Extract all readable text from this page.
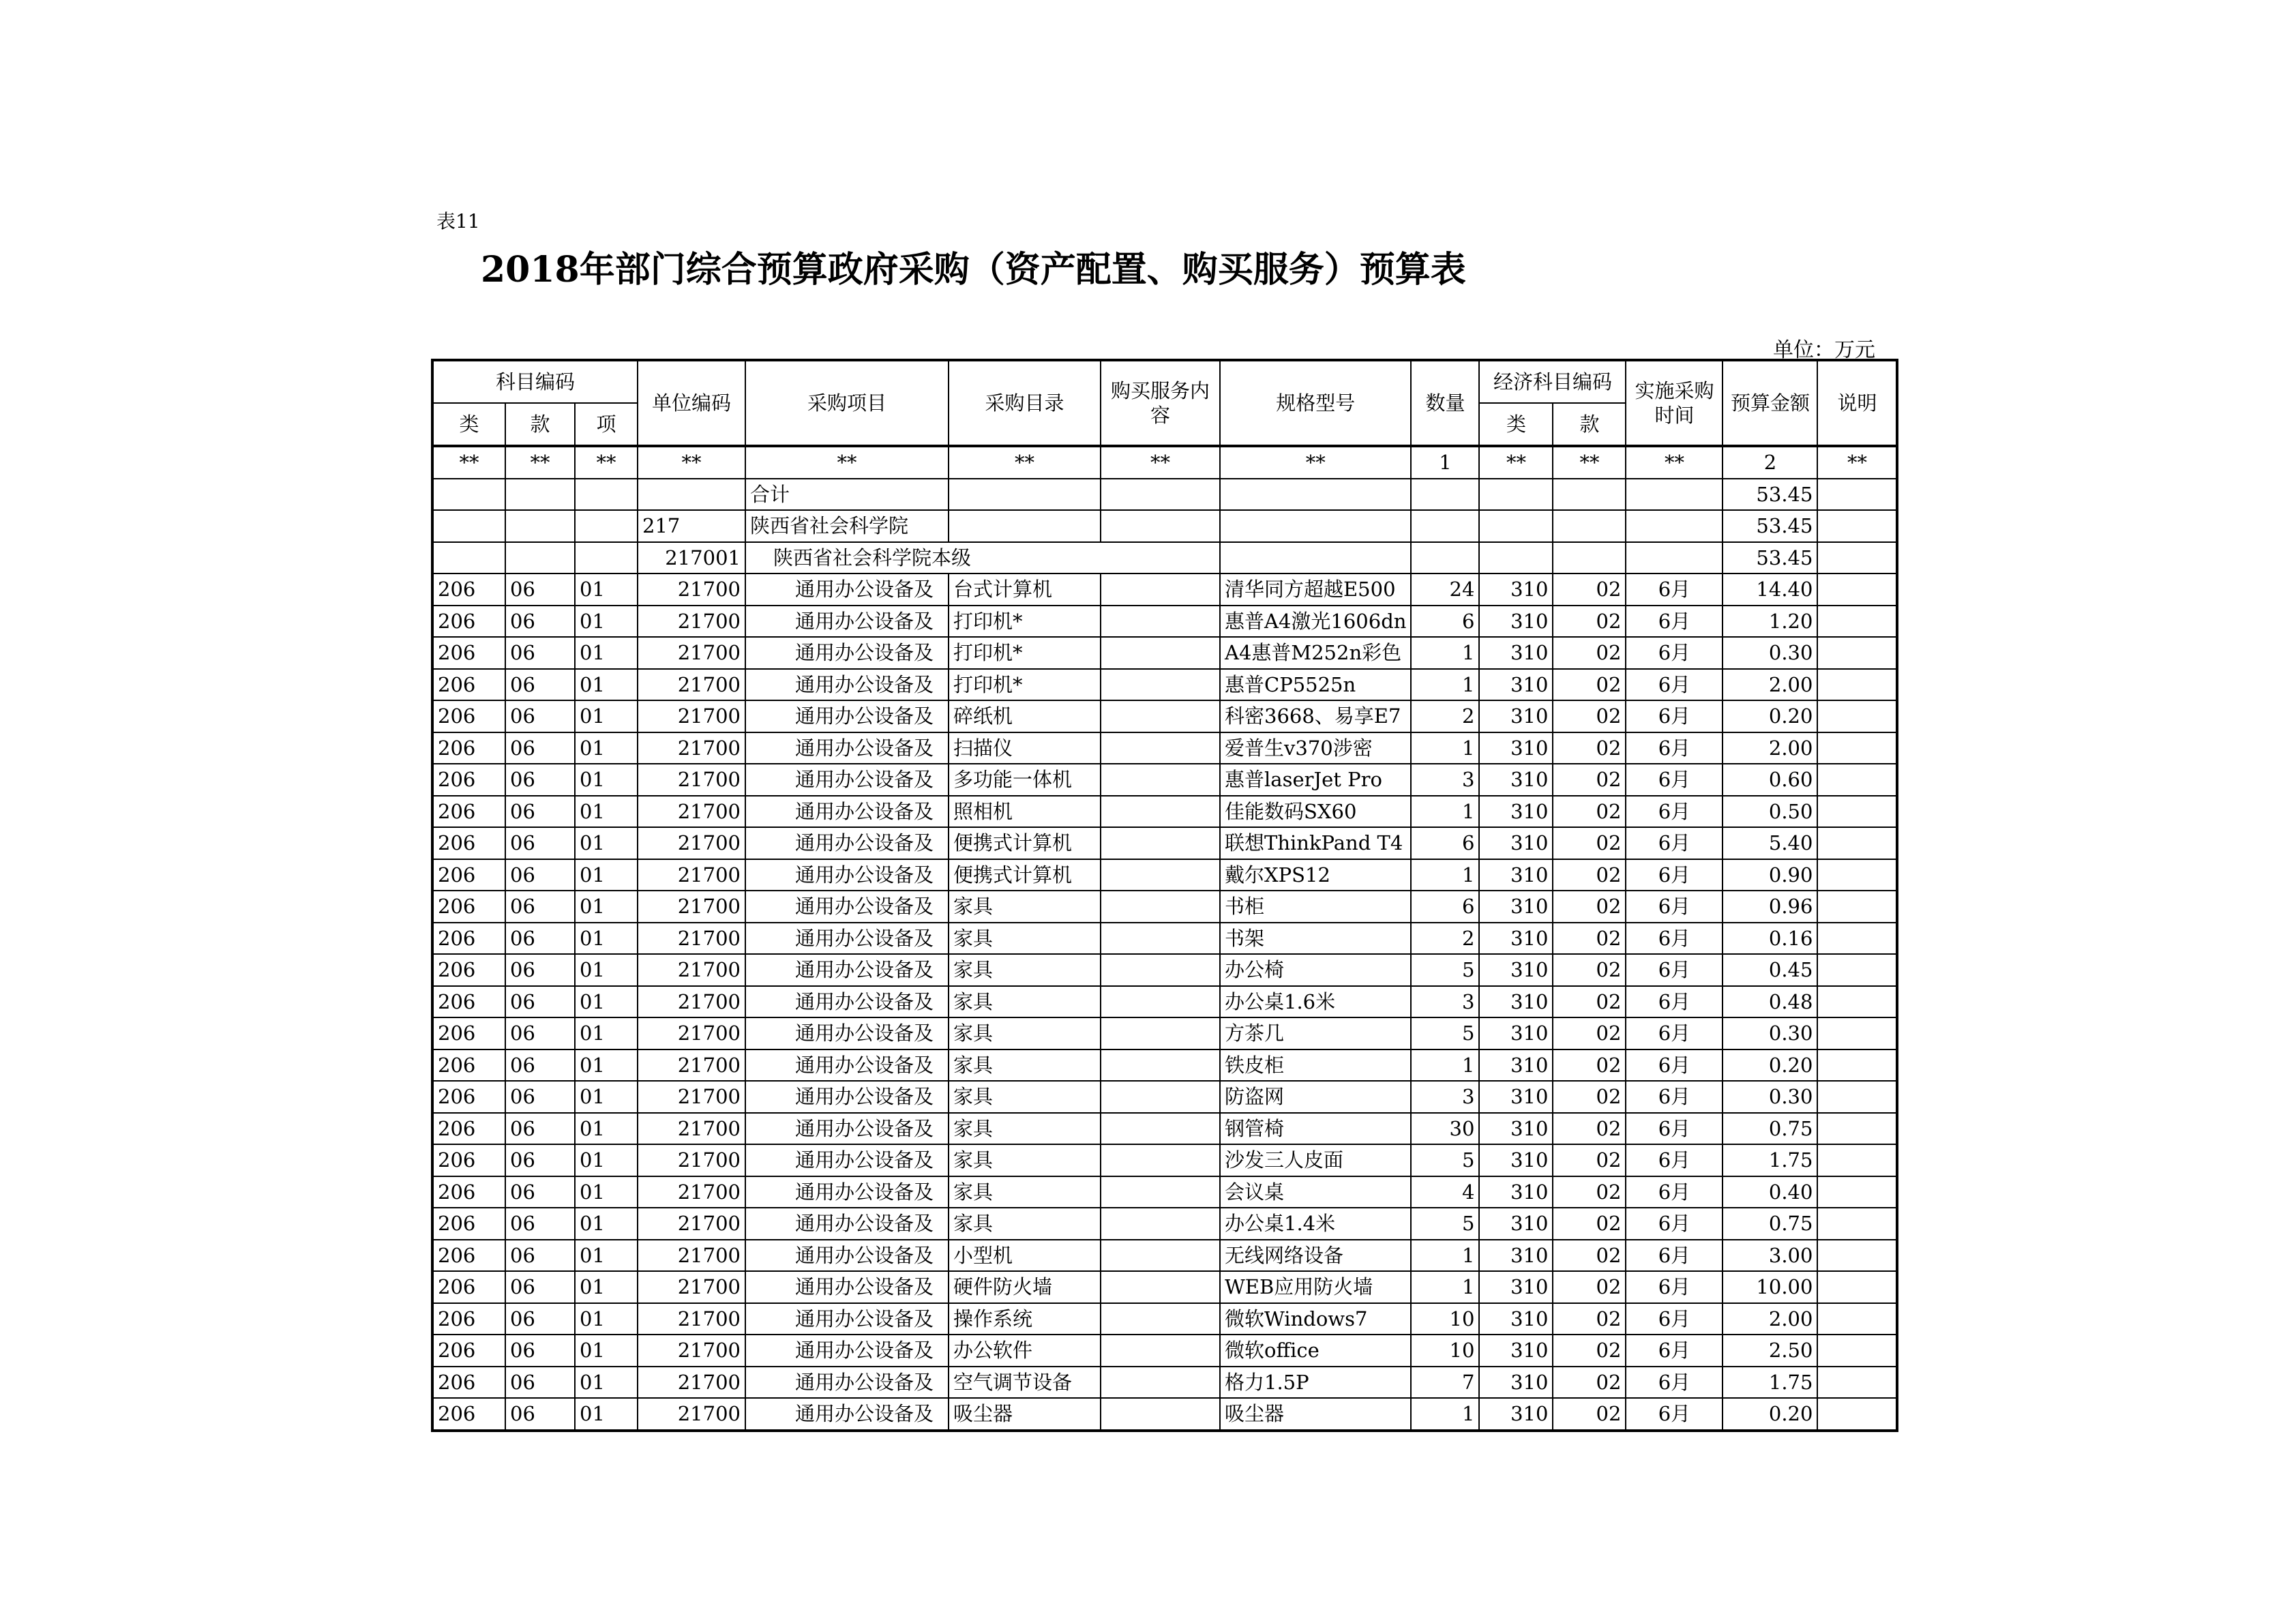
表11
2018年部门综合预算政府采购（资产配置、购买服务）预算表
单位：万元
科目编码			单位编码	采购项目	采购目录	购买服务内容	规格型号	数量	经济科目编码		实施采购时间	预算金额	说明
类	款	项							类	款			
**	**	**	**	**	**	**	**	1	**	**	**	2	**
				合计								53.45	
			217	陕西省社会科学院								53.45	
			217001	陕西省社会科学院本级								53.45	
206	06	01	21700	通用办公设备及	台式计算机		清华同方超越E500	24	310	02	6月	14.40	
206	06	01	21700	通用办公设备及	打印机*		惠普A4激光1606dn	6	310	02	6月	1.20	
206	06	01	21700	通用办公设备及	打印机*		A4惠普M252n彩色	1	310	02	6月	0.30	
206	06	01	21700	通用办公设备及	打印机*		惠普CP5525n	1	310	02	6月	2.00	
206	06	01	21700	通用办公设备及	碎纸机		科密3668、易享E7	2	310	02	6月	0.20	
206	06	01	21700	通用办公设备及	扫描仪		爱普生v370涉密	1	310	02	6月	2.00	
206	06	01	21700	通用办公设备及	多功能一体机		惠普laserJet Pro	3	310	02	6月	0.60	
206	06	01	21700	通用办公设备及	照相机		佳能数码SX60	1	310	02	6月	0.50	
206	06	01	21700	通用办公设备及	便携式计算机		联想ThinkPand T4	6	310	02	6月	5.40	
206	06	01	21700	通用办公设备及	便携式计算机		戴尔XPS12	1	310	02	6月	0.90	
206	06	01	21700	通用办公设备及	家具		书柜	6	310	02	6月	0.96	
206	06	01	21700	通用办公设备及	家具		书架	2	310	02	6月	0.16	
206	06	01	21700	通用办公设备及	家具		办公椅	5	310	02	6月	0.45	
206	06	01	21700	通用办公设备及	家具		办公桌1.6米	3	310	02	6月	0.48	
206	06	01	21700	通用办公设备及	家具		方茶几	5	310	02	6月	0.30	
206	06	01	21700	通用办公设备及	家具		铁皮柜	1	310	02	6月	0.20	
206	06	01	21700	通用办公设备及	家具		防盗网	3	310	02	6月	0.30	
206	06	01	21700	通用办公设备及	家具		钢管椅	30	310	02	6月	0.75	
206	06	01	21700	通用办公设备及	家具		沙发三人皮面	5	310	02	6月	1.75	
206	06	01	21700	通用办公设备及	家具		会议桌	4	310	02	6月	0.40	
206	06	01	21700	通用办公设备及	家具		办公桌1.4米	5	310	02	6月	0.75	
206	06	01	21700	通用办公设备及	小型机		无线网络设备	1	310	02	6月	3.00	
206	06	01	21700	通用办公设备及	硬件防火墙		WEB应用防火墙	1	310	02	6月	10.00	
206	06	01	21700	通用办公设备及	操作系统		微软Windows7	10	310	02	6月	2.00	
206	06	01	21700	通用办公设备及	办公软件		微软office	10	310	02	6月	2.50	
206	06	01	21700	通用办公设备及	空气调节设备		格力1.5P	7	310	02	6月	1.75	
206	06	01	21700	通用办公设备及	吸尘器		吸尘器	1	310	02	6月	0.20	
